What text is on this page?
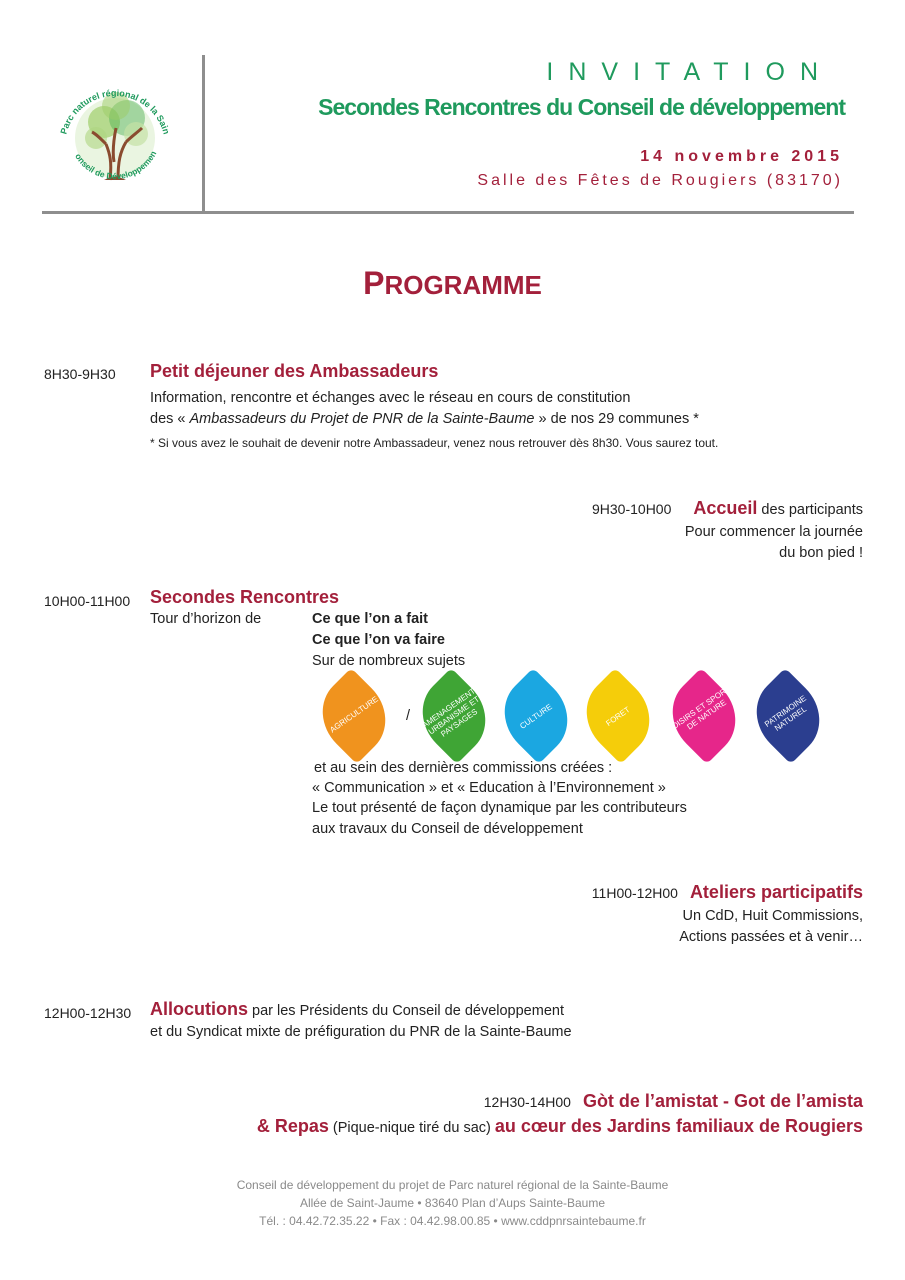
Parc naturel régional de la Sain
onseil de Développemen
INVITATION
Secondes Rencontres du Conseil de développement
14 novembre 2015
Salle des Fêtes de Rougiers (83170)
PROGRAMME
8H30-9H30 Petit déjeuner des Ambassadeurs
Information, rencontre et échanges avec le réseau en cours de constitution
des « Ambassadeurs du Projet de PNR de la Sainte-Baume » de nos 29 communes *
* Si vous avez le souhait de devenir notre Ambassadeur, venez nous retrouver dès 8h30. Vous saurez tout.
9H30-10H00 Accueil des participants
Pour commencer la journée
du bon pied !
10H00-11H00 Secondes Rencontres
Tour d’horizon de	Ce que l’on a fait
Ce que l’on va faire
Sur de nombreux sujets
AGRICULTURE	/	AMENAGEMENT URBANISME ET PAYSAGES	CULTURE	FORET	LOISIRS ET SPORTS DE NATURE	PATRIMOINE NATUREL
et au sein des dernières commissions créées :
« Communication » et « Education à l’Environnement »
Le tout présenté de façon dynamique par les contributeurs
aux travaux du Conseil de développement
11H00-12H00 Ateliers participatifs
Un CdD, Huit Commissions,
Actions passées et à venir…
12H00-12H30 Allocutions par les Présidents du Conseil de développement
et du Syndicat mixte de préfiguration du PNR de la Sainte-Baume
12H30-14H00 Gòt de l’amistat - Got de l’amista
& Repas (Pique-nique tiré du sac) au cœur des Jardins familiaux de Rougiers
Conseil de développement du projet de Parc naturel régional de la Sainte-Baume
Allée de Saint-Jaume • 83640 Plan d’Aups Sainte-Baume
Tél. : 04.42.72.35.22 • Fax : 04.42.98.00.85 • www.cddpnrsaintebaume.fr
